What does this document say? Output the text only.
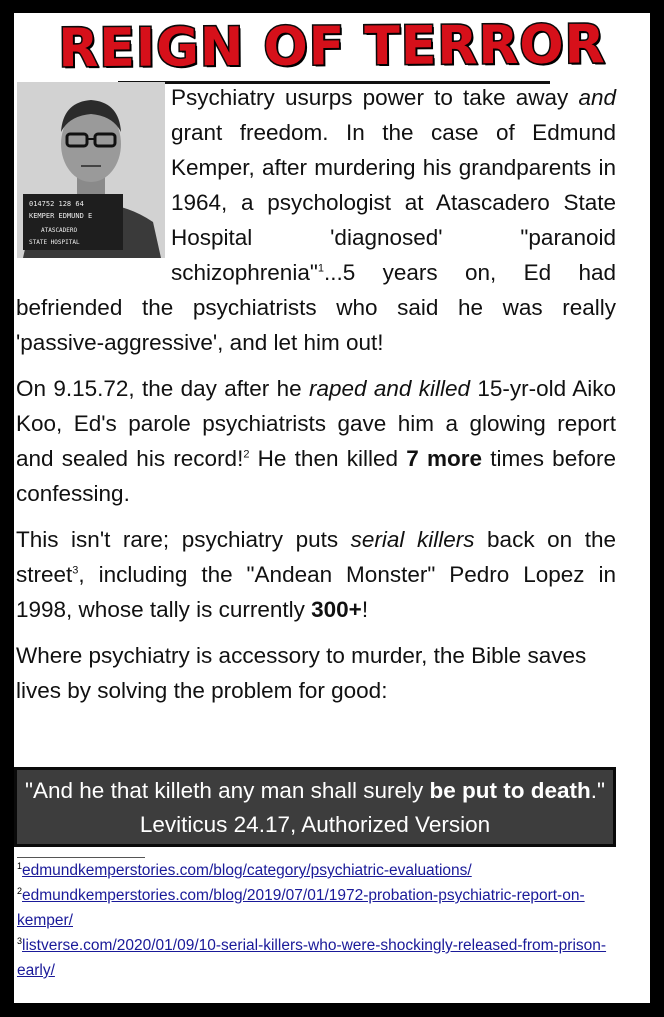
REIGN OF TERROR
014752 128 64
KEMPER EDMUND E
ATASCADERO
STATE HOSPITAL

Psychiatry usurps power to take away and grant freedom. In the case of Edmund Kemper, after murdering his grandparents in 1964, a psychologist at Atascadero State Hospital 'diagnosed' "paranoid schizophrenia"$^1$...5 years on, Ed had befriended the psychiatrists who said he was really 'passive-aggressive', and let him out!

On 9.15.72, the day after he raped and killed 15-yr-old Aiko Koo, Ed's parole psychiatrists gave him a glowing report and sealed his record!$^2$ He then killed 7 more times before confessing.

This isn't rare; psychiatry puts serial killers back on the street$^3$, including the "Andean Monster" Pedro Lopez in 1998, whose tally is currently 300+!

Where psychiatry is accessory to murder, the Bible saves lives by solving the problem for good:

"And he that killeth any man shall surely be put to death." Leviticus 24.17, Authorized Version
$^1$edmundkemperstories.com/blog/category/psychiatric-evaluations/
$^2$edmundkemperstories.com/blog/2019/07/01/1972-probation-psychiatric-report-on-kemper/
$^3$listverse.com/2020/01/09/10-serial-killers-who-were-shockingly-released-from-prison-early/
